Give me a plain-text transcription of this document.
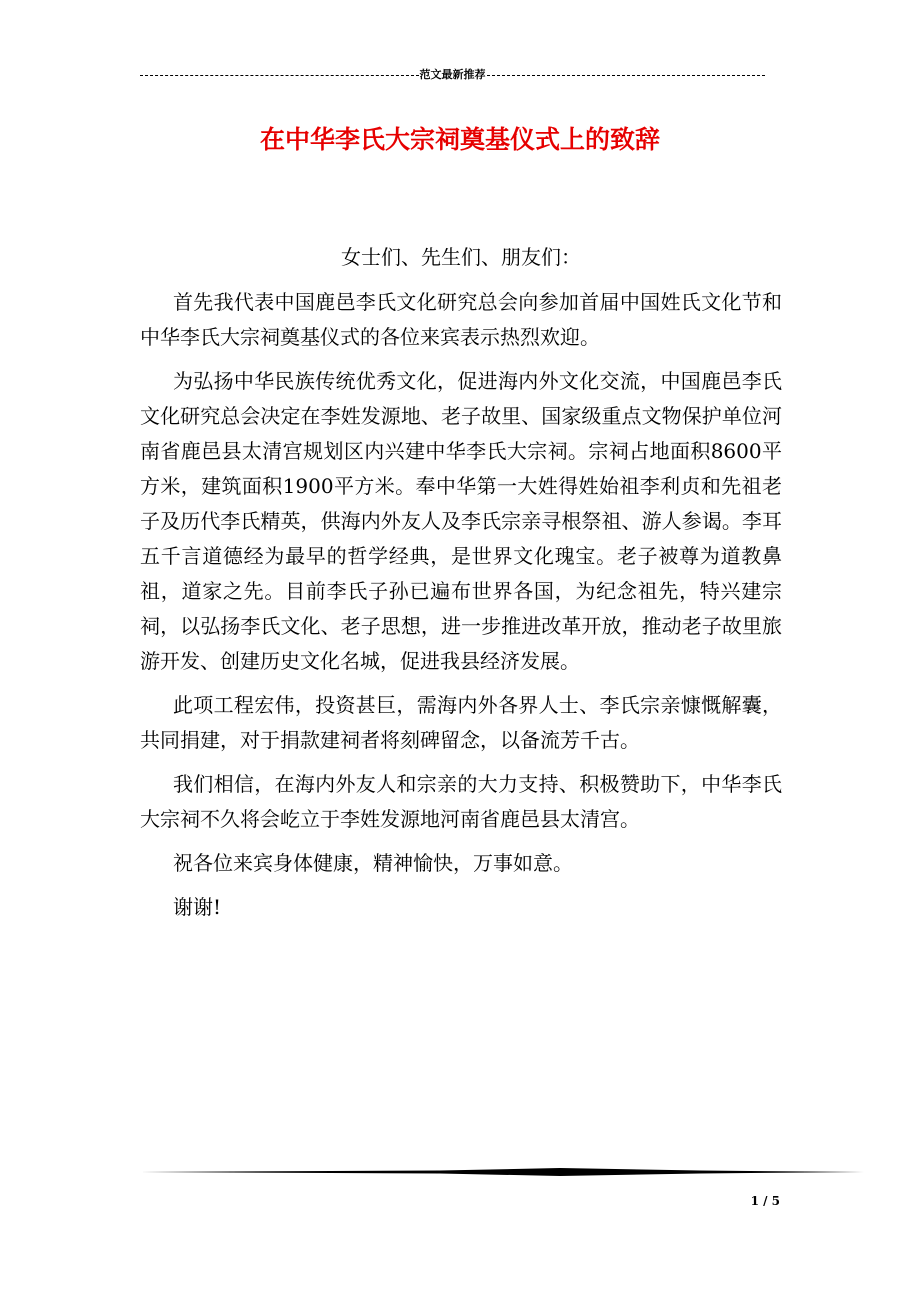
范文最新推荐
在中华李氏大宗祠奠基仪式上的致辞

女士们、先生们、朋友们：

首先我代表中国鹿邑李氏文化研究总会向参加首届中国姓氏文化节和中华李氏大宗祠奠基仪式的各位来宾表示热烈欢迎。

为弘扬中华民族传统优秀文化，促进海内外文化交流，中国鹿邑李氏文化研究总会决定在李姓发源地、老子故里、国家级重点文物保护单位河南省鹿邑县太清宫规划区内兴建中华李氏大宗祠。宗祠占地面积8600平方米，建筑面积1900平方米。奉中华第一大姓得姓始祖李利贞和先祖老子及历代李氏精英，供海内外友人及李氏宗亲寻根祭祖、游人参谒。李耳五千言道德经为最早的哲学经典，是世界文化瑰宝。老子被尊为道教鼻祖，道家之先。目前李氏子孙已遍布世界各国，为纪念祖先，特兴建宗祠，以弘扬李氏文化、老子思想，进一步推进改革开放，推动老子故里旅游开发、创建历史文化名城，促进我县经济发展。

此项工程宏伟，投资甚巨，需海内外各界人士、李氏宗亲慷慨解囊，共同捐建，对于捐款建祠者将刻碑留念，以备流芳千古。

我们相信，在海内外友人和宗亲的大力支持、积极赞助下，中华李氏大宗祠不久将会屹立于李姓发源地河南省鹿邑县太清宫。

祝各位来宾身体健康，精神愉快，万事如意。

谢谢!

1 / 5
